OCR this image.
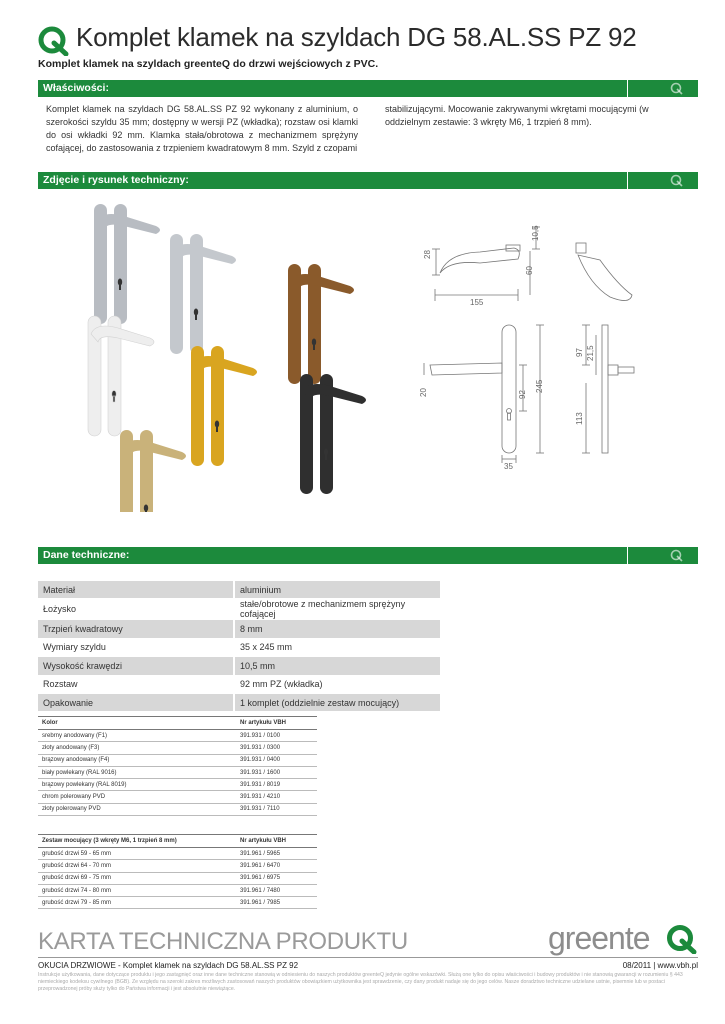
Komplet klamek na szyldach DG 58.AL.SS PZ 92
Komplet klamek na szyldach greenteQ do drzwi wejściowych z PVC.
Właściwości:
Komplet klamek na szyldach DG 58.AL.SS PZ 92 wykonany z aluminium, o szerokości szyldu 35 mm; dostępny w wersji PZ (wkładka); rozstaw osi klamki do osi wkładki 92 mm. Klamka stała/obrotowa z mechanizmem sprężyny cofającej, do zastosowania z trzpieniem kwadratowym 8 mm. Szyld z czopami
stabilizującymi. Mocowanie zakrywanymi wkrętami mocującymi (w oddzielnym zestawie: 3 wkręty M6, 1 trzpień 8 mm).
Zdjęcie i rysunek techniczny:
10,5
28
60
155
92
245
20
35
97 21,5
113
Dane techniczne:
Materiał	aluminium
Łożysko	stałe/obrotowe z mechanizmem sprężyny cofającej
Trzpień kwadratowy	8 mm
Wymiary szyldu	35 x 245 mm
Wysokość krawędzi	10,5 mm
Rozstaw	92 mm PZ (wkładka)
Opakowanie	1 komplet (oddzielnie zestaw mocujący)
Kolor	Nr artykułu VBH
srebrny anodowany (F1)	391.931 / 0100
złoty anodowany (F3)	391.931 / 0300
brązowy anodowany (F4)	391.931 / 0400
biały powlekany (RAL 9016)	391.931 / 1600
brązowy powlekany (RAL 8019)	391.931 / 8019
chrom polerowany PVD	391.931 / 4210
złoty polerowany PVD	391.931 / 7110
Zestaw mocujący (3 wkręty M6, 1 trzpień 8 mm)	Nr artykułu VBH
grubość drzwi 59 - 65 mm	391.961 / 5965
grubość drzwi 64 - 70 mm	391.961 / 6470
grubość drzwi 69 - 75 mm	391.961 / 6975
grubość drzwi 74 - 80 mm	391.961 / 7480
grubość drzwi 79 - 85 mm	391.961 / 7985
KARTA TECHNICZNA PRODUKTU	greente
OKUCIA DRZWIOWE - Komplet klamek na szyldach DG 58.AL.SS PZ 92	08/2011 | www.vbh.pl
Instrukcje użytkowania, dane dotyczące produktu i jego zastągnięć oraz inne dane techniczne stanowią w odniesieniu do naszych produktów greenteQ jedynie ogólne wskazówki. Służą one tylko do opisu właściwości i budowy produktów i nie stanowią gwarancji w rozumieniu § 443 niemieckiego kodeksu cywilnego (BGB). Ze względu na szeroki zakres możliwych zastosowań naszych produktów obowiązkiem użytkownika jest sprawdzenie, czy dany produkt nadaje się do jego celów. Nasze doradztwo techniczne udzielane ustnie, pisemnie lub w postaci przeprowadzonej próby służy tylko do Państwa informacji i jest absolutnie niewiążące.
